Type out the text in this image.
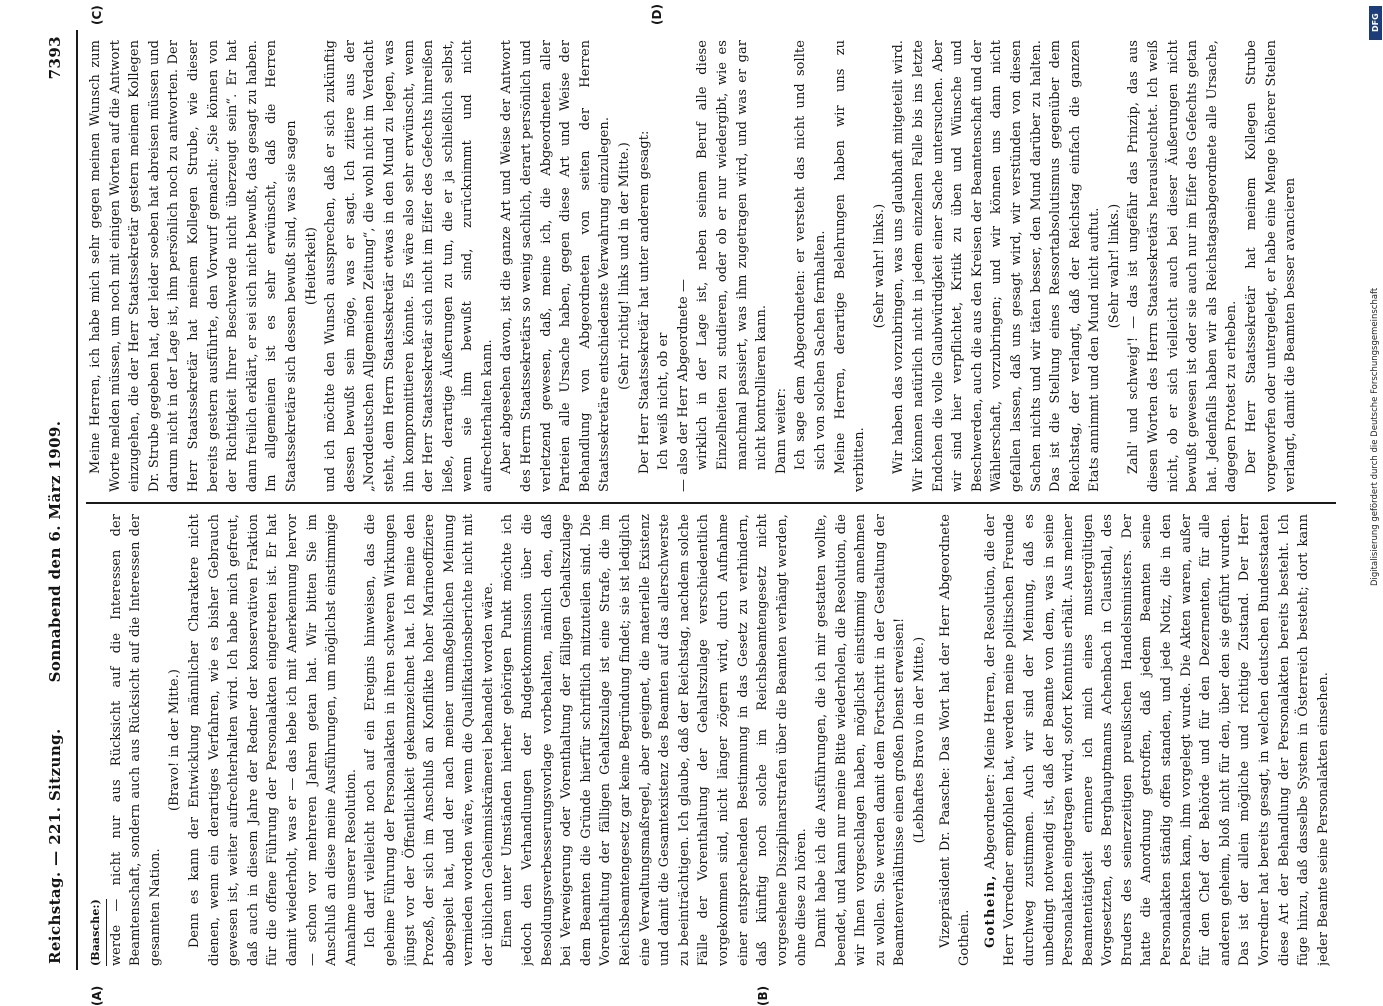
Reichstag. — 221. Sitzung.
Sonnabend den 6. März 1909.  7393
(A)	(B)
(C)	(D)

(Baasche:) werde — nicht nur aus Rücksicht auf die Interessen der Beamtenschaft, sondern auch aus Rücksicht auf die Interessen der gesamten Nation.

(Bravo! in der Mitte.) Denn es kann der Entwicklung männlicher Charaktere nicht dienen, wenn ein derartiges Verfahren, wie es bisher Gebrauch gewesen ist, weiter aufrechterhalten wird. Ich habe mich gefreut, daß auch in diesem Jahre der Redner der konservativen Fraktion für die offene Führung der Personalakten eingetreten ist. Er hat damit wiederholt, was er — das hebe ich mit Anerkennung hervor — schon vor mehreren Jahren getan hat. Wir bitten Sie im Anschluß an diese meine Ausführungen, um möglichst einstimmige Annahme unserer Resolution. Ich darf vielleicht noch auf ein Ereignis hinweisen, das die geheime Führung der Personalakten in ihren schweren Wirkungen jüngst vor der Öffentlichkeit gekennzeichnet hat. Ich meine den Prozeß, der sich im Anschluß an Konflikte hoher Marineoffiziere abgespielt hat, und der nach meiner unmaßgeblichen Meinung vermieden worden wäre, wenn die Qualifikationsberichte nicht mit der üblichen Geheimniskrämerei behandelt worden wäre. Einen unter Umständen hierher gehörigen Punkt möchte ich jedoch den Verhandlungen der Budgetkommission über die Besoldungsverbesserungsvorlage vorbehalten, nämlich den, daß bei Verweigerung oder Vorenthaltung der fälligen Gehaltszulage dem Beamten die Gründe hierfür schriftlich mitzuteilen sind. Die Vorenthaltung der fälligen Gehaltszulage ist eine Strafe, die im Reichsbeamtengesetz gar keine Begründung findet; sie ist lediglich eine Verwaltungsmaßregel, aber geeignet, die materielle Existenz und damit die Gesamtexistenz des Beamten auf das allerschwerste zu beeinträchtigen. Ich glaube, daß der Reichstag, nachdem solche Fälle der Vorenthaltung der Gehaltszulage verschiedentlich vorgekommen sind, nicht länger zögern wird, durch Aufnahme einer entsprechenden Bestimmung in das Gesetz zu verhindern, daß künftig noch solche im Reichsbeamtengesetz nicht vorgesehene Disziplinarstrafen über die Beamten verhängt werden, ohne diese zu hören. Damit habe ich die Ausführungen, die ich mir gestatten wollte, beendet, und kann nur meine Bitte wiederholen, die Resolution, die wir Ihnen vorgeschlagen haben, möglichst einstimmig annehmen zu wollen. Sie werden damit dem Fortschritt in der Gestaltung der Beamtenverhältnisse einen großen Dienst erweisen! (Lebhaftes Bravo in der Mitte.) Vizepräsident Dr. Paasche: Das Wort hat der Herr Abgeordnete Gothein. Gothein, Abgeordneter: Meine Herren, der Resolution, die der Herr Vorredner empfohlen hat, werden meine politischen Freunde durchweg zustimmen. Auch wir sind der Meinung, daß es unbedingt notwendig ist, daß der Beamte von dem, was in seine Personalakten eingetragen wird, sofort Kenntnis erhält. Aus meiner Beamtentätigkeit erinnere ich mich eines mustergültigen Vorgesetzten, des Berghauptmanns Achenbach in Clausthal, des Bruders des seinerzeitigen preußischen Handelsministers. Der hatte die Anordnung getroffen, daß jedem Beamten seine Personalakten ständig offen standen, und jede Notiz, die in den Personalakten kam, ihm vorgelegt wurde. Die Akten waren, außer für den Chef der Behörde und für den Dezernenten, für alle anderen geheim, bloß nicht für den, über den sie geführt wurden. Das ist der allein mögliche und richtige Zustand. Der Herr Vorredner hat bereits gesagt, in welchen deutschen Bundesstaaten diese Art der Behandlung der Personalakten bereits besteht. Ich füge hinzu, daß dasselbe System in Österreich besteht; dort kann jeder Beamte seine Personalakten einsehen.

Meine Herren, ich habe mich sehr gegen meinen Wunsch zum Worte melden müssen, um noch mit einigen Worten auf die Antwort einzugehen, die der Herr Staatssekretär gestern meinem Kollegen Dr. Strube gegeben hat, der leider soeben hat abreisen müssen und darum nicht in der Lage ist, ihm persönlich noch zu antworten. Der Herr Staatssekretär hat meinem Kollegen Strube, wie dieser bereits gestern ausführte, den Vorwurf gemacht: „Sie können von der Richtigkeit Ihrer Beschwerde nicht überzeugt sein“. Er hat dann freilich erklärt, er sei sich nicht bewußt, das gesagt zu haben. Im allgemeinen ist es sehr erwünscht, daß die Herren Staatssekretäre sich dessen bewußt sind, was sie sagen (Heiterkeit) und ich möchte den Wunsch aussprechen, daß er sich zukünftig dessen bewußt sein möge, was er sagt. Ich zitiere aus der „Norddeutschen Allgemeinen Zeitung“, die wohl nicht im Verdacht steht, dem Herrn Staatssekretär etwas in den Mund zu legen, was ihn kompromittieren könnte. Es wäre also sehr erwünscht, wenn der Herr Staatssekretär sich nicht im Eifer des Gefechts hinreißen ließe, derartige Äußerungen zu tun, die er ja schließlich selbst, wenn sie ihm bewußt sind, zurücknimmt und nicht aufrechterhalten kann. Aber abgesehen davon, ist die ganze Art und Weise der Antwort des Herrn Staatssekretärs so wenig sachlich, derart persönlich und verletzend gewesen, daß, meine ich, die Abgeordneten aller Parteien alle Ursache haben, gegen diese Art und Weise der Behandlung von Abgeordneten von seiten der Herren Staatssekretäre entschiedenste Verwahrung einzulegen. (Sehr richtig! links und in der Mitte.) Der Herr Staatssekretär hat unter anderem gesagt: Ich weiß nicht, ob er — also der Herr Abgeordnete — wirklich in der Lage ist, neben seinem Beruf alle diese Einzelheiten zu studieren, oder ob er nur wiedergibt, wie es manchmal passiert, was ihm zugetragen wird, und was er gar nicht kontrollieren kann. Dann weiter: Ich sage dem Abgeordneten: er versteht das nicht und sollte sich von solchen Sachen fernhalten. Meine Herren, derartige Belehrungen haben wir uns zu verbitten.

(Sehr wahr! links.) Wir haben das vorzubringen, was uns glaubhaft mitgeteilt wird. Wir können natürlich nicht in jedem einzelnen Falle bis ins letzte Endchen die volle Glaubwürdigkeit einer Sache untersuchen. Aber wir sind hier verpflichtet, Kritik zu üben und Wünsche und Beschwerden, auch die aus den Kreisen der Beamtenschaft und der Wählerschaft, vorzubringen; und wir können uns dann nicht gefallen lassen, daß uns gesagt wird, wir verstünden von diesen Sachen nichts und wir täten besser, den Mund darüber zu halten. Das ist die Stellung eines Ressortabsolutismus gegenüber dem Reichstag, der verlangt, daß der Reichstag einfach die ganzen Etats annimmt und den Mund nicht auftut. (Sehr wahr! links.) Zahl' und schweig'! — das ist ungefähr das Prinzip, das aus diesen Worten des Herrn Staatssekretärs herausleuchtet. Ich weiß nicht, ob er sich vielleicht auch bei dieser Äußerungen nicht bewußt gewesen ist oder sie auch nur im Eifer des Gefechts getan hat. Jedenfalls haben wir als Reichstagsabgeordnete alle Ursache, dagegen Protest zu erheben. Der Herr Staatssekretär hat meinem Kollegen Strube vorgeworfen oder untergelegt, er habe eine Menge höherer Stellen verlangt, damit die Beamten besser avancieren

DFG
Digitalisierung gefördert durch die Deutsche Forschungsgemeinschaft
